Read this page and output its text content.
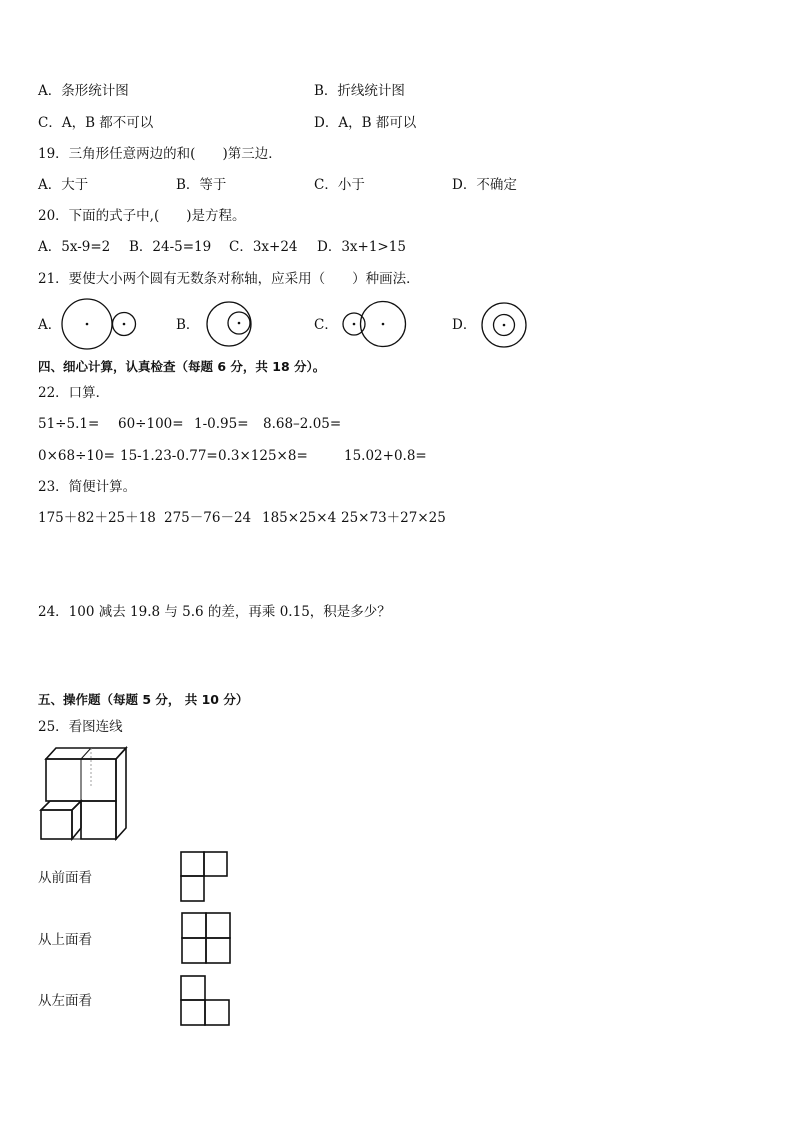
A．条形统计图	B．折线统计图
C．A，B 都不可以	D．A，B 都可以
19．三角形任意两边的和(　　)第三边．
A．大于	B．等于	C．小于	D．不确定
20．下面的式子中,(　　)是方程。
A．5x-9=2 B．24-5=19 C．3x+24 D．3x+1>15
21．要使大小两个圆有无数条对称轴，应采用（　　）种画法．
A．	B．	C．	D．
四、细心计算，认真检查（每题 6 分，共 18 分）。
22．口算．
51÷5.1= 60÷100= 1-0.95= 8.68–2.05=
0×68÷10= 15-1.23-0.77= 0.3×125×8=	15.02+0.8=
23．简便计算。
175＋82＋25＋18 275－76－24 185×25×4 25×73＋27×25
24．100 减去 19.8 与 5.6 的差，再乘 0.15，积是多少？
五、操作题（每题 5 分， 共 10 分）
25．看图连线
从前面看
从上面看
从左面看
